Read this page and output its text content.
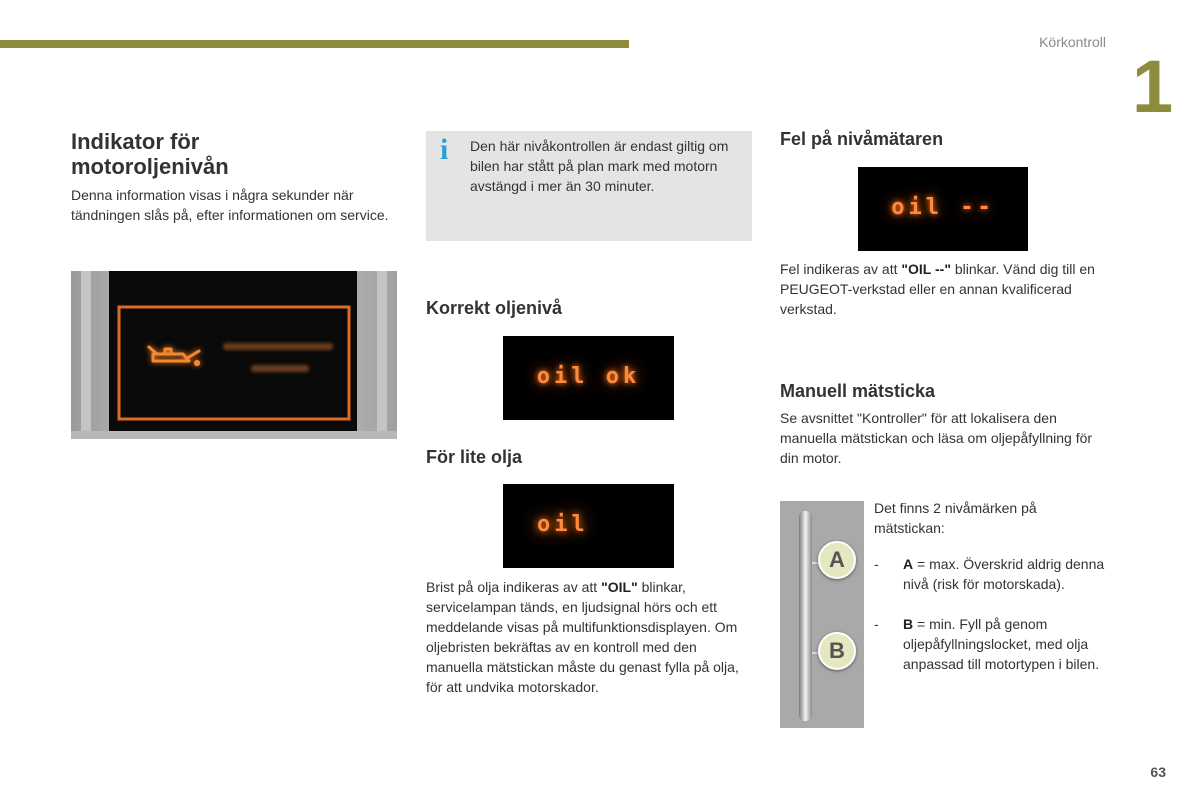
Körkontroll
1
Indikator för
motoroljenivån

Denna information visas i några sekunder när tändningen slås på, efter informationen om service.

i Den här nivåkontrollen är endast giltig om bilen har stått på plan mark med motorn avstängd i mer än 30 minuter.

Korrekt oljenivå
oil ok
För lite olja
oil

Brist på olja indikeras av att "OIL" blinkar, servicelampan tänds, en ljudsignal hörs och ett meddelande visas på multifunktionsdisplayen. Om oljebristen bekräftas av en kontroll med den manuella mätstickan måste du genast fylla på olja, för att undvika motorskador.

Fel på nivåmätaren
oil --

Fel indikeras av att "OIL --" blinkar. Vänd dig till en PEUGEOT-verkstad eller en annan kvalificerad verkstad.

Manuell mätsticka

Se avsnittet "Kontroller" för att lokalisera den manuella mätstickan och läsa om oljepåfyllning för din motor.

A
B

Det finns 2 nivåmärken på mätstickan:

- A = max. Överskrid aldrig denna nivå (risk för motorskada).
- B = min. Fyll på genom oljepåfyllningslocket, med olja anpassad till motortypen i bilen.
63
